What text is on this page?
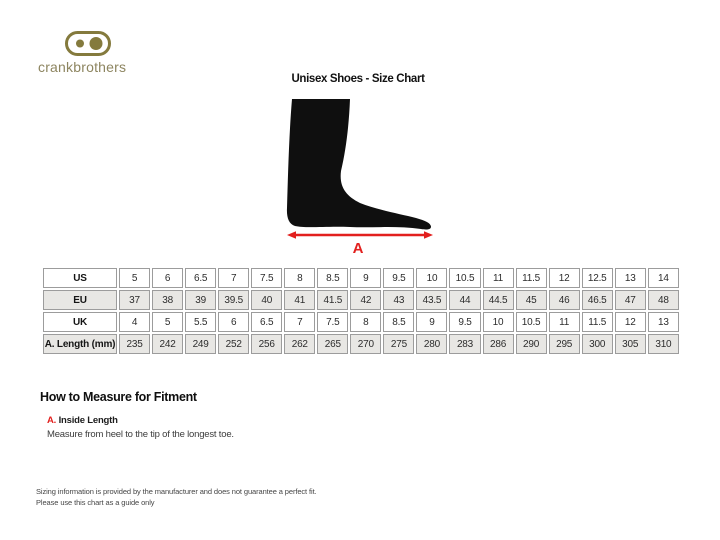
crankbrothers
Unisex Shoes - Size Chart
A
US	5	6	6.5	7	7.5	8	8.5	9	9.5	10	10.5	11	11.5	12	12.5	13	14
EU	37	38	39	39.5	40	41	41.5	42	43	43.5	44	44.5	45	46	46.5	47	48
UK	4	5	5.5	6	6.5	7	7.5	8	8.5	9	9.5	10	10.5	11	11.5	12	13
A. Length (mm)	235	242	249	252	256	262	265	270	275	280	283	286	290	295	300	305	310
How to Measure for Fitment
A. Inside Length
Measure from heel to the tip of the longest toe.
Sizing information is provided by the manufacturer and does not guarantee a perfect fit.
Please use this chart as a guide only
